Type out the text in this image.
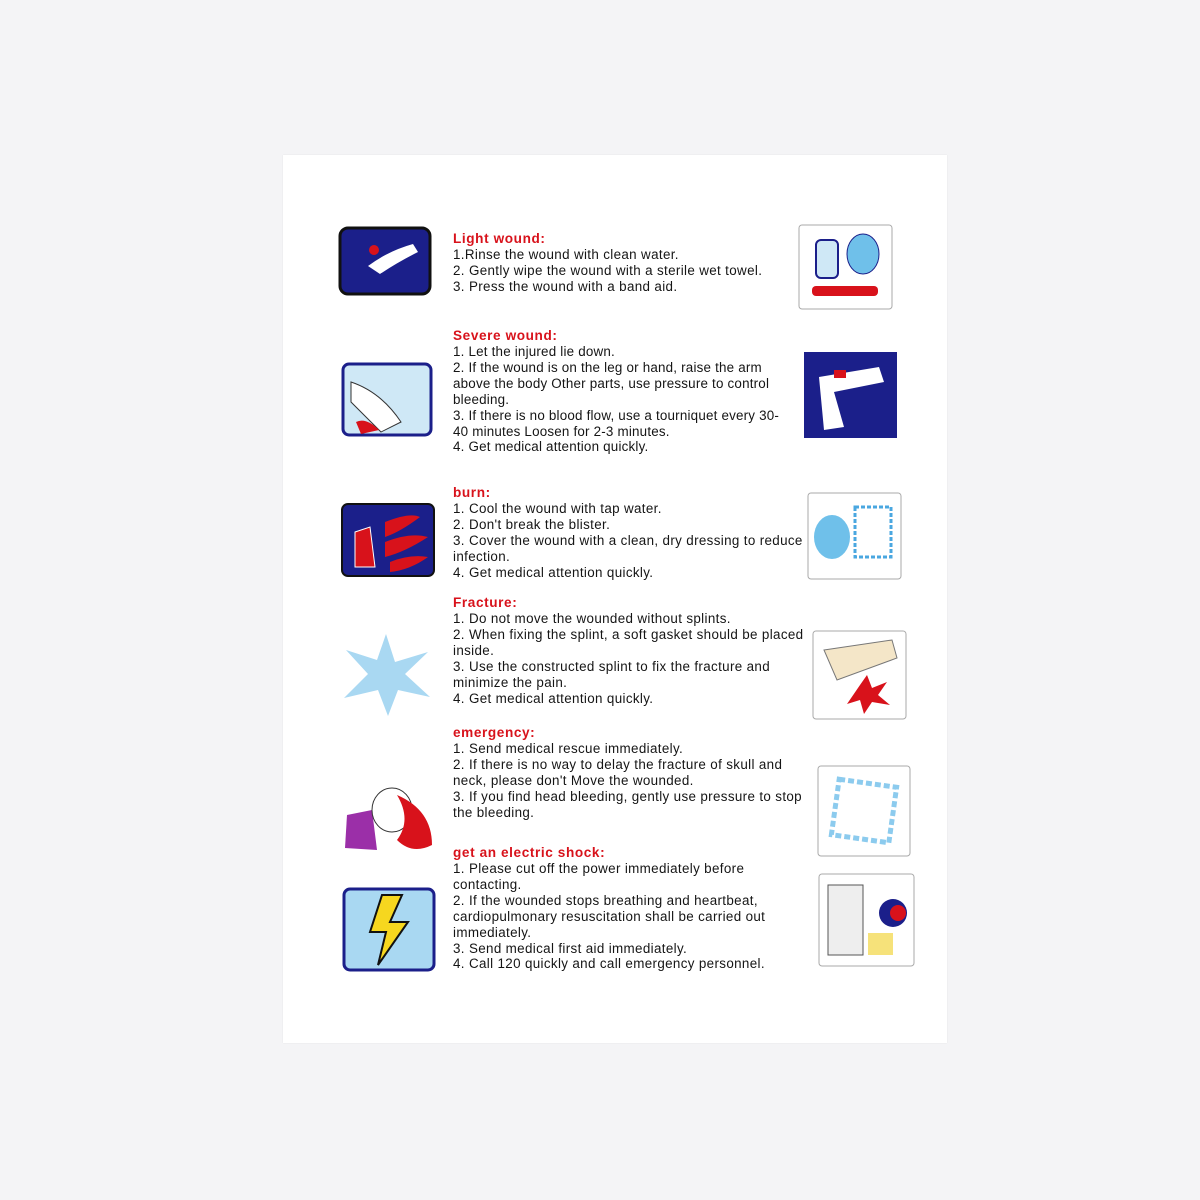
Light wound:

1.Rinse the wound with clean water.

2. Gently wipe the wound with a sterile wet towel.

3. Press the wound with a band aid.

Severe wound:

1. Let the injured lie down.

2. If the wound is on the leg or hand, raise the arm above the body Other parts, use pressure to control bleeding.

3. If there is no blood flow, use a tourniquet every 30-40 minutes Loosen for 2-3 minutes.

4. Get medical attention quickly.

burn:

1. Cool the wound with tap water.

2. Don't break the blister.

3. Cover the wound with a clean, dry dressing to reduce infection.

4. Get medical attention quickly.

Fracture:

1. Do not move the wounded without splints.

2. When fixing the splint, a soft gasket should be placed inside.

3. Use the constructed splint to fix the fracture and minimize the pain.

4. Get medical attention quickly.

emergency:

1. Send medical rescue immediately.

2. If there is no way to delay the fracture of skull and neck, please don't Move the wounded.

3. If you find head bleeding, gently use pressure to stop the bleeding.

get an electric shock:

1. Please cut off the power immediately before contacting.

2. If the wounded stops breathing and heartbeat, cardiopulmonary resuscitation shall be carried out immediately.

3. Send medical first aid immediately.

4. Call 120 quickly and call emergency personnel.
